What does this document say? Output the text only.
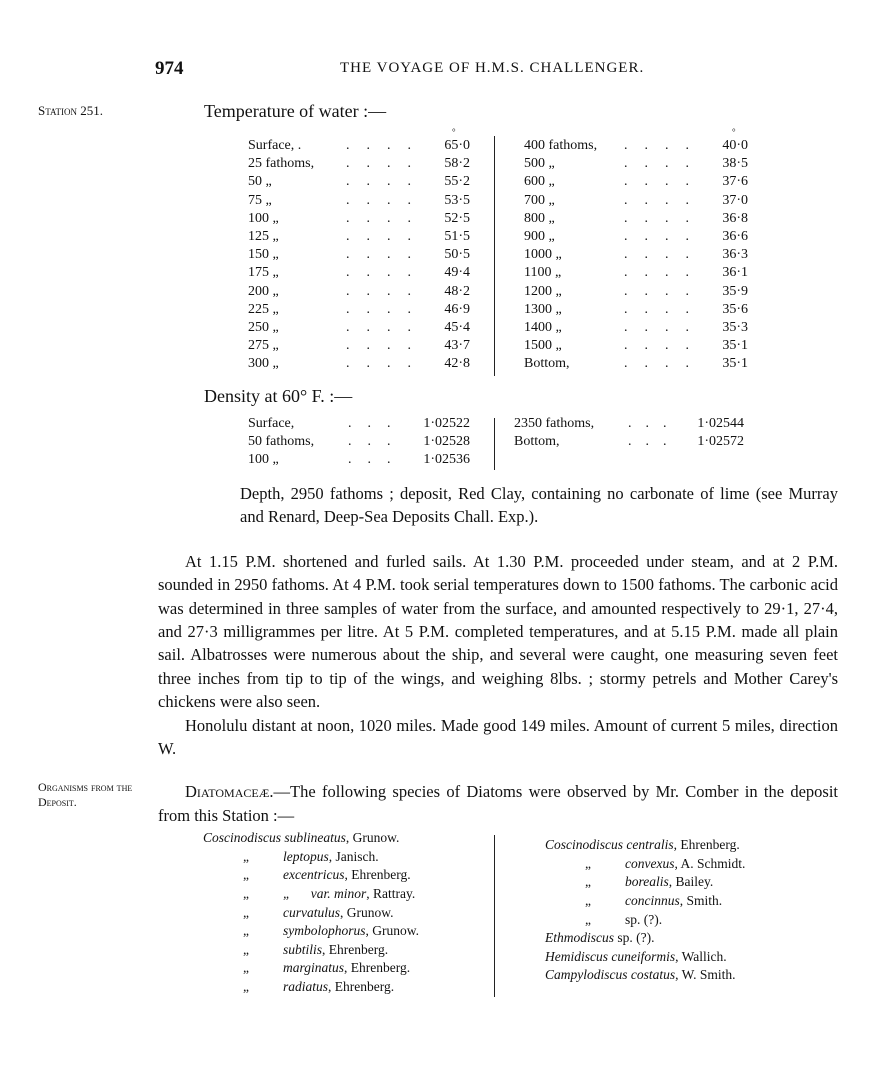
974	THE VOYAGE OF H.M.S. CHALLENGER.
Station 251.	Temperature of water :—
°	°
Surface, .	.... 65·0
25 fathoms, .... 58·2
50 „	.... 55·2
75 „	.... 53·5
100 „	.... 52·5
125 „	.... 51·5
150 „	.... 50·5
175 „	.... 49·4
200 „	.... 48·2
225 „	.... 46·9
250 „	.... 45·4
275 „	.... 43·7
300 „	.... 42·8
400 fathoms, .... 40·0
500 „	.... 38·5
600 „	.... 37·6
700 „	.... 37·0
800 „	.... 36·8
900 „	.... 36·6
1000 „	.... 36·3
1100 „	.... 36·1
1200 „	.... 35·9
1300 „	.... 35·6
1400 „	.... 35·3
1500 „	.... 35·1
Bottom,	.... 35·1
Density at 60° F. :—
Surface,	... 1·02522
50 fathoms, ... 1·02528
100 „	... 1·02536
2350 fathoms, ... 1·02544
Bottom,	... 1·02572

Depth, 2950 fathoms ; deposit, Red Clay, containing no carbonate of lime (see Murray and Renard, Deep-Sea Deposits Chall. Exp.).

At 1.15 P.M. shortened and furled sails. At 1.30 P.M. proceeded under steam, and at 2 P.M. sounded in 2950 fathoms. At 4 P.M. took serial temperatures down to 1500 fathoms. The carbonic acid was determined in three samples of water from the surface, and amounted respectively to 29·1, 27·4, and 27·3 milligrammes per litre. At 5 P.M. completed temperatures, and at 5.15 P.M. made all plain sail. Albatrosses were numerous about the ship, and several were caught, one measuring seven feet three inches from tip to tip of the wings, and weighing 8lbs. ; stormy petrels and Mother Carey's chickens were also seen.

Honolulu distant at noon, 1020 miles. Made good 149 miles. Amount of current 5 miles, direction W.

Organisms from the Deposit.

Diatomaceæ.—The following species of Diatoms were observed by Mr. Comber in the deposit from this Station :—

Coscinodiscus sublineatus, Grunow.
„	leptopus, Janisch.
„	excentricus, Ehrenberg.
„	„      var. minor, Rattray.
„	curvatulus, Grunow.
„	symbolophorus, Grunow.
„	subtilis, Ehrenberg.
„	marginatus, Ehrenberg.
„	radiatus, Ehrenberg.
Coscinodiscus centralis, Ehrenberg.
„	convexus, A. Schmidt.
„	borealis, Bailey.
„	concinnus, Smith.
„	sp. (?).
Ethmodiscus sp. (?).
Hemidiscus cuneiformis, Wallich.
Campylodiscus costatus, W. Smith.
